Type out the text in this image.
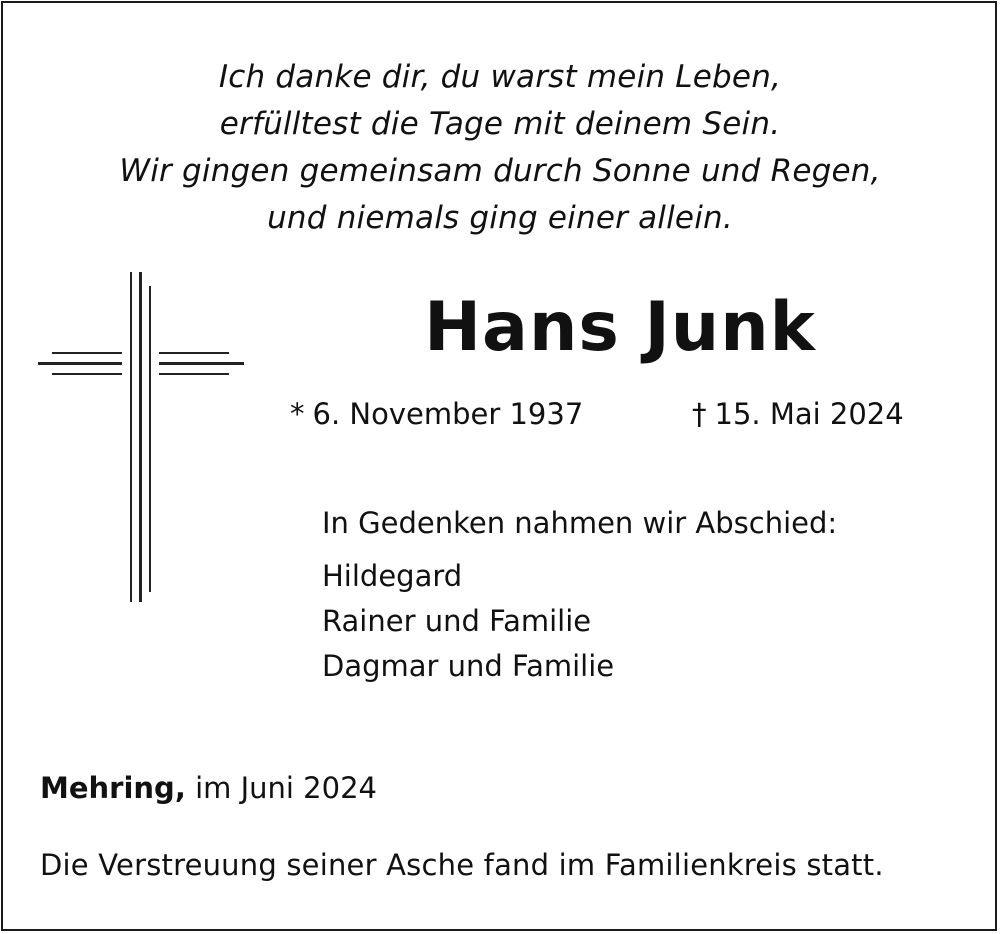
Ich danke dir, du warst mein Leben,
erfülltest die Tage mit deinem Sein.
Wir gingen gemeinsam durch Sonne und Regen,
und niemals ging einer allein.
Hans Junk
* 6. November 1937	† 15. Mai 2024
In Gedenken nahmen wir Abschied:
Hildegard
Rainer und Familie
Dagmar und Familie
Mehring, im Juni 2024
Die Verstreuung seiner Asche fand im Familienkreis statt.
